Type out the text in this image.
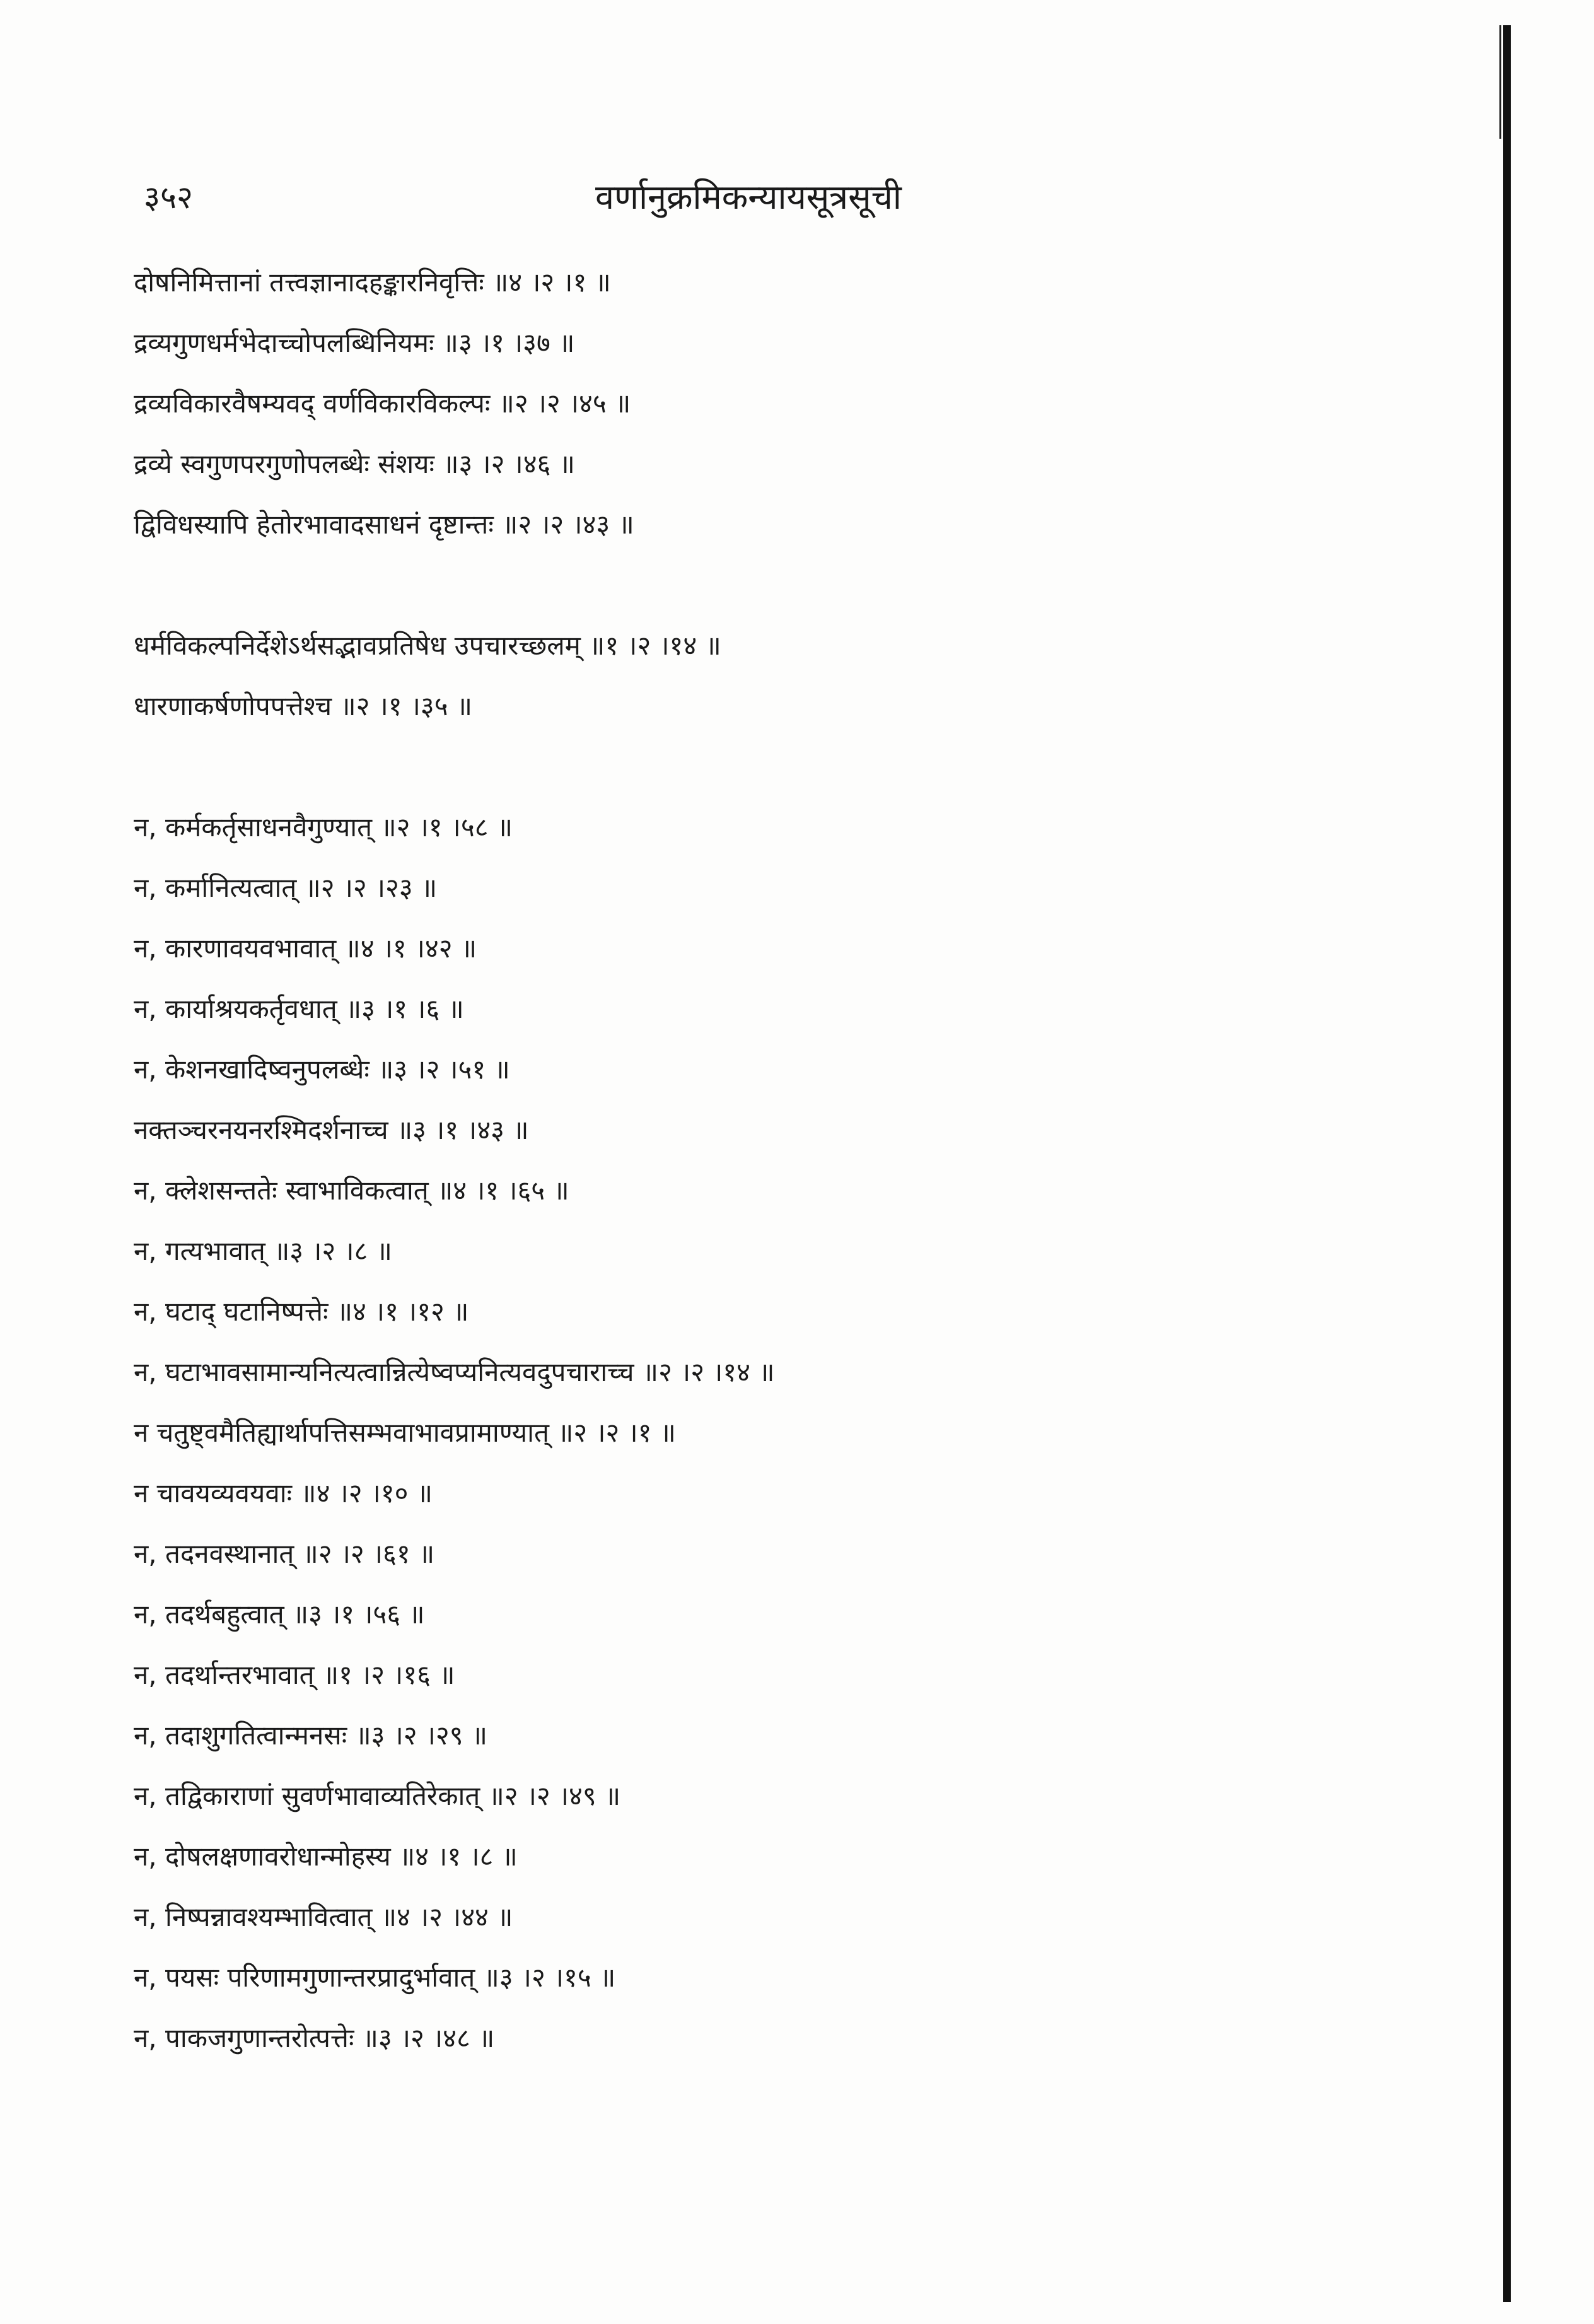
३५२	वर्णानुक्रमिकन्यायसूत्रसूची
दोषनिमित्तानां तत्त्वज्ञानादहङ्कारनिवृत्तिः ॥४ ।२ ।१ ॥
द्रव्यगुणधर्मभेदाच्चोपलब्धिनियमः ॥३ ।१ ।३७ ॥
द्रव्यविकारवैषम्यवद् वर्णविकारविकल्पः ॥२ ।२ ।४५ ॥
द्रव्ये स्वगुणपरगुणोपलब्धेः संशयः ॥३ ।२ ।४६ ॥
द्विविधस्यापि हेतोरभावादसाधनं दृष्टान्तः ॥२ ।२ ।४३ ॥
धर्मविकल्पनिर्देशेऽर्थसद्भावप्रतिषेध उपचारच्छलम् ॥१ ।२ ।१४ ॥
धारणाकर्षणोपपत्तेश्च ॥२ ।१ ।३५ ॥
न, कर्मकर्तृसाधनवैगुण्यात् ॥२ ।१ ।५८ ॥
न, कर्मानित्यत्वात् ॥२ ।२ ।२३ ॥
न, कारणावयवभावात् ॥४ ।१ ।४२ ॥
न, कार्याश्रयकर्तृवधात् ॥३ ।१ ।६ ॥
न, केशनखादिष्वनुपलब्धेः ॥३ ।२ ।५१ ॥
नक्तञ्चरनयनरश्मिदर्शनाच्च ॥३ ।१ ।४३ ॥
न, क्लेशसन्ततेः स्वाभाविकत्वात् ॥४ ।१ ।६५ ॥
न, गत्यभावात् ॥३ ।२ ।८ ॥
न, घटाद् घटानिष्पत्तेः ॥४ ।१ ।१२ ॥
न, घटाभावसामान्यनित्यत्वान्नित्येष्वप्यनित्यवदुपचाराच्च ॥२ ।२ ।१४ ॥
न चतुष्ट्वमैतिह्यार्थापत्तिसम्भवाभावप्रामाण्यात् ॥२ ।२ ।१ ॥
न चावयव्यवयवाः ॥४ ।२ ।१० ॥
न, तदनवस्थानात् ॥२ ।२ ।६१ ॥
न, तदर्थबहुत्वात् ॥३ ।१ ।५६ ॥
न, तदर्थान्तरभावात् ॥१ ।२ ।१६ ॥
न, तदाशुगतित्वान्मनसः ॥३ ।२ ।२९ ॥
न, तद्विकाराणां सुवर्णभावाव्यतिरेकात् ॥२ ।२ ।४९ ॥
न, दोषलक्षणावरोधान्मोहस्य ॥४ ।१ ।८ ॥
न, निष्पन्नावश्यम्भावित्वात् ॥४ ।२ ।४४ ॥
न, पयसः परिणामगुणान्तरप्रादुर्भावात् ॥३ ।२ ।१५ ॥
न, पाकजगुणान्तरोत्पत्तेः ॥३ ।२ ।४८ ॥
